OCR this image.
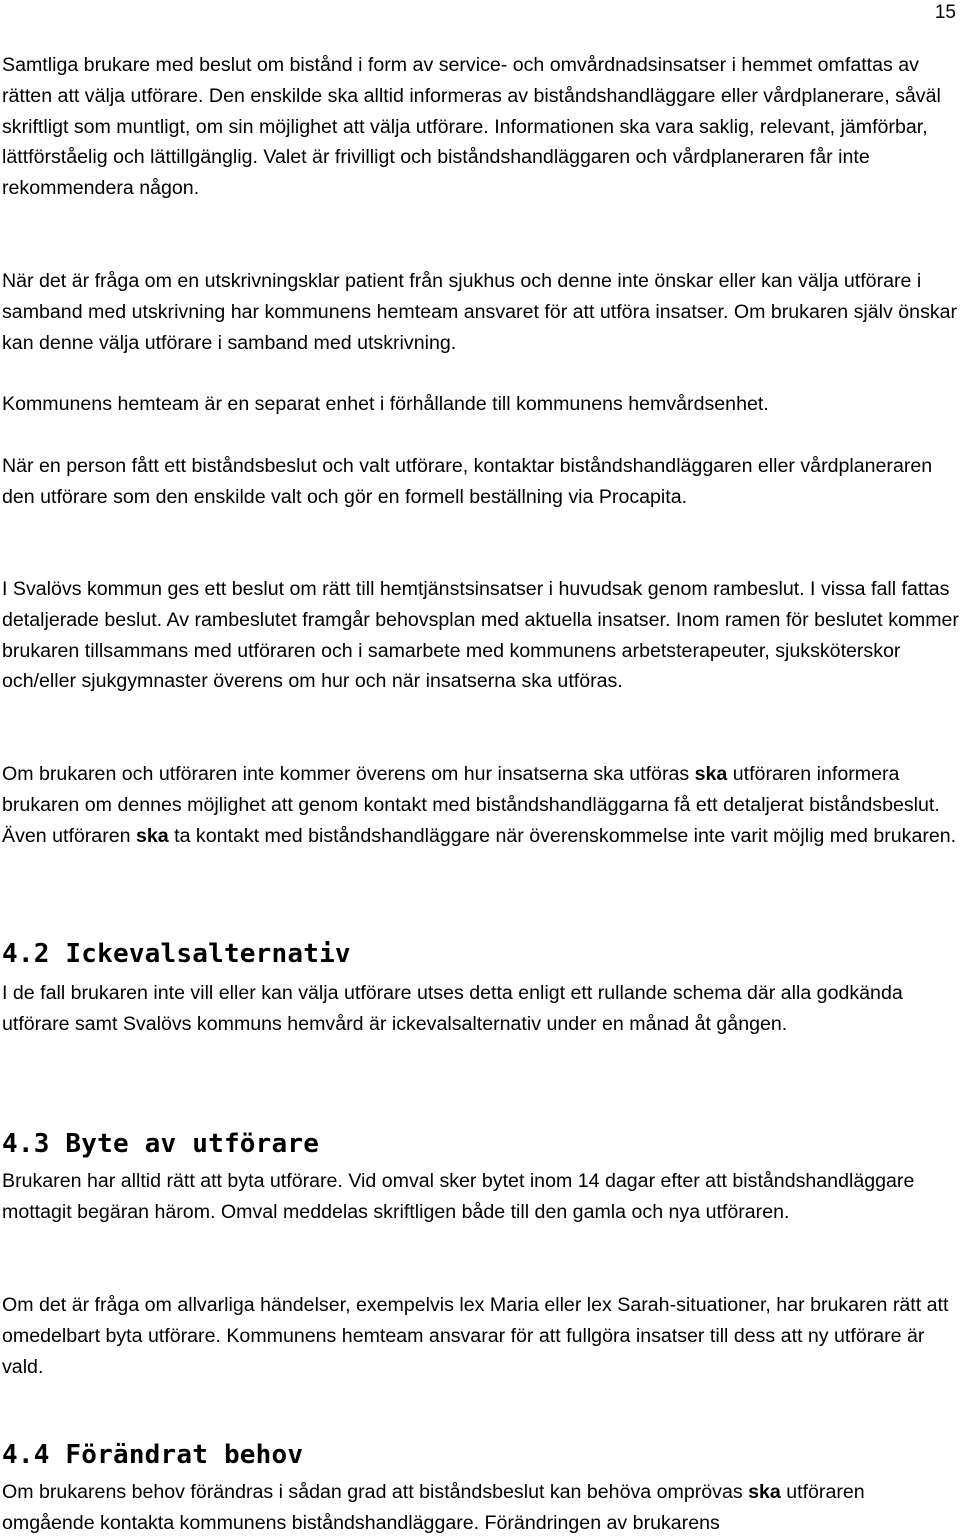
15

Samtliga brukare med beslut om bistånd i form av service- och omvårdnadsinsatser i hemmet omfattas av rätten att välja utförare. Den enskilde ska alltid informeras av biståndshandläggare eller vårdplanerare, såväl skriftligt som muntligt, om sin möjlighet att välja utförare. Informationen ska vara saklig, relevant, jämförbar, lättförståelig och lättillgänglig. Valet är frivilligt och biståndshandläggaren och vårdplaneraren får inte rekommendera någon.

När det är fråga om en utskrivningsklar patient från sjukhus och denne inte önskar eller kan välja utförare i samband med utskrivning har kommunens hemteam ansvaret för att utföra insatser. Om brukaren själv önskar kan denne välja utförare i samband med utskrivning.

Kommunens hemteam är en separat enhet i förhållande till kommunens hemvårdsenhet.

När en person fått ett biståndsbeslut och valt utförare, kontaktar biståndshandläggaren eller vårdplaneraren den utförare som den enskilde valt och gör en formell beställning via Procapita.

I Svalövs kommun ges ett beslut om rätt till hemtjänstsinsatser i huvudsak genom rambeslut. I vissa fall fattas detaljerade beslut. Av rambeslutet framgår behovsplan med aktuella insatser. Inom ramen för beslutet kommer brukaren tillsammans med utföraren och i samarbete med kommunens arbetsterapeuter, sjuksköterskor och/eller sjukgymnaster överens om hur och när insatserna ska utföras.

Om brukaren och utföraren inte kommer överens om hur insatserna ska utföras ska utföraren informera brukaren om dennes möjlighet att genom kontakt med biståndshandläggarna få ett detaljerat biståndsbeslut. Även utföraren ska ta kontakt med biståndshandläggare när överenskommelse inte varit möjlig med brukaren.

4.2 Ickevalsalternativ

I de fall brukaren inte vill eller kan välja utförare utses detta enligt ett rullande schema där alla godkända utförare samt Svalövs kommuns hemvård är ickevalsalternativ under en månad åt gången.

4.3 Byte av utförare

Brukaren har alltid rätt att byta utförare. Vid omval sker bytet inom 14 dagar efter att biståndshandläggare mottagit begäran härom. Omval meddelas skriftligen både till den gamla och nya utföraren.

Om det är fråga om allvarliga händelser, exempelvis lex Maria eller lex Sarah-situationer, har brukaren rätt att omedelbart byta utförare. Kommunens hemteam ansvarar för att fullgöra insatser till dess att ny utförare är vald.

4.4 Förändrat behov

Om brukarens behov förändras i sådan grad att biståndsbeslut kan behöva omprövas ska utföraren omgående kontakta kommunens biståndshandläggare. Förändringen av brukarens
